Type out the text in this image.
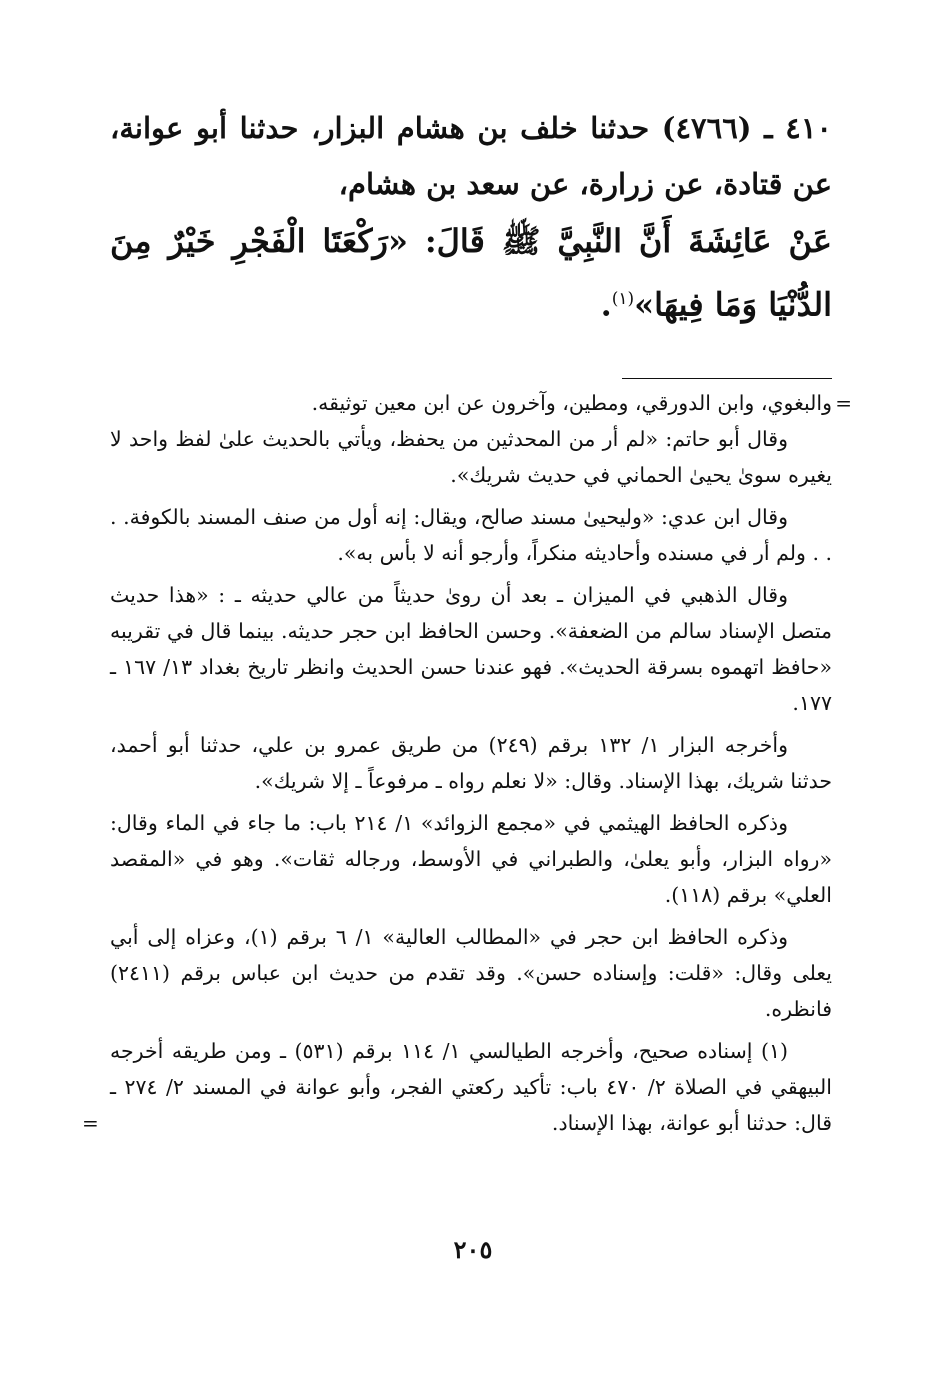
٤١٠ ـ (٤٧٦٦) حدثنا خلف بن هشام البزار، حدثنا أبو عوانة، عن قتادة، عن زرارة، عن سعد بن هشام،

عَنْ عَائِشَةَ أَنَّ النَّبِيَّ ﷺ قَالَ: «رَكْعَتَا الْفَجْرِ خَيْرٌ مِنَ الدُّنْيَا وَمَا فِيهَا»$^{(١)}$.

=
والبغوي، وابن الدورقي، ومطين، وآخرون عن ابن معين توثيقه.

وقال أبو حاتم: «لم أر من المحدثين من يحفظ، ويأتي بالحديث علىٰ لفظ واحد لا يغيره سوىٰ يحيىٰ الحماني في حديث شريك».

وقال ابن عدي: «وليحيىٰ مسند صالح، ويقال: إنه أول من صنف المسند بالكوفة. . . . ولم أر في مسنده وأحاديثه منكراً، وأرجو أنه لا بأس به».

وقال الذهبي في الميزان ـ بعد أن روىٰ حديثاً من عالي حديثه ـ : «هذا حديث متصل الإسناد سالم من الضعفة». وحسن الحافظ ابن حجر حديثه. بينما قال في تقريبه «حافظ اتهموه بسرقة الحديث». فهو عندنا حسن الحديث وانظر تاريخ بغداد ١٣/ ١٦٧ ـ ١٧٧.

وأخرجه البزار ١/ ١٣٢ برقم (٢٤٩) من طريق عمرو بن علي، حدثنا أبو أحمد، حدثنا شريك، بهذا الإسناد. وقال: «لا نعلم رواه ـ مرفوعاً ـ إلا شريك».

وذكره الحافظ الهيثمي في «مجمع الزوائد» ١/ ٢١٤ باب: ما جاء في الماء وقال: «رواه البزار، وأبو يعلىٰ، والطبراني في الأوسط، ورجاله ثقات». وهو في «المقصد العلي» برقم (١١٨).

وذكره الحافظ ابن حجر في «المطالب العالية» ١/ ٦ برقم (١)، وعزاه إلى أبي يعلى وقال: «قلت: وإسناده حسن». وقد تقدم من حديث ابن عباس برقم (٢٤١١) فانظره.

(١) إسناده صحيح، وأخرجه الطيالسي ١/ ١١٤ برقم (٥٣١) ـ ومن طريقه أخرجه البيهقي في الصلاة ٢/ ٤٧٠ باب: تأكيد ركعتي الفجر، وأبو عوانة في المسند ٢/ ٢٧٤ ـ قال: حدثنا أبو عوانة، بهذا الإسناد.
=

٢٠٥
